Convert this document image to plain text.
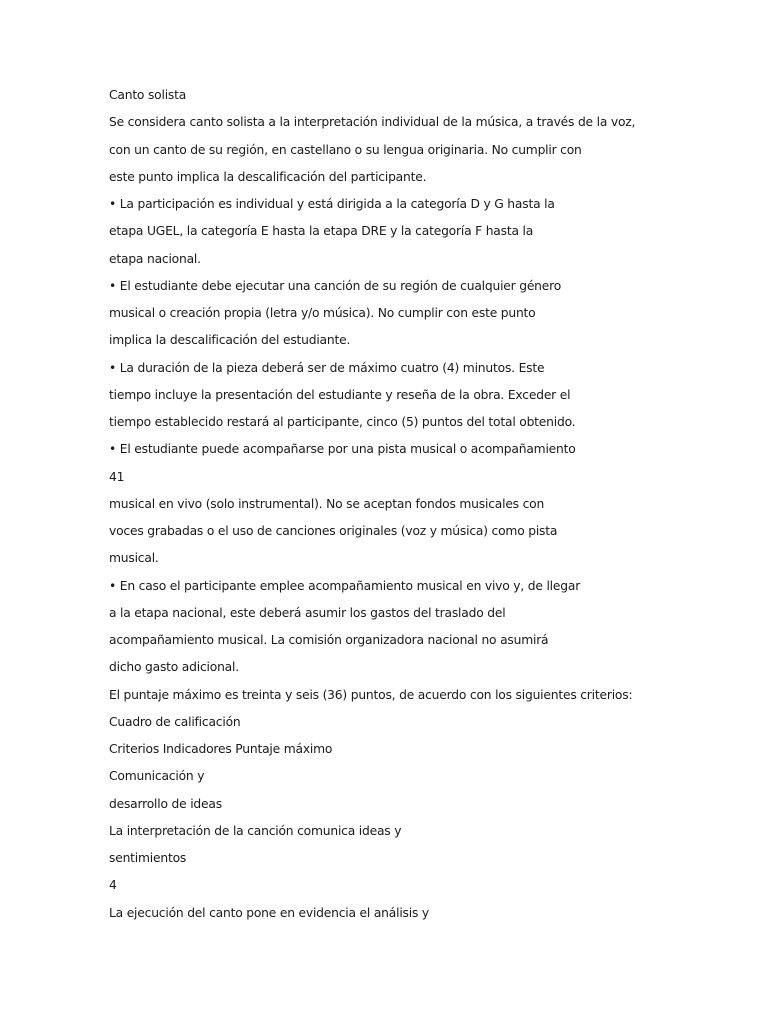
Canto solista
Se considera canto solista a la interpretación individual de la música, a través de la voz,
con un canto de su región, en castellano o su lengua originaria. No cumplir con
este punto implica la descalificación del participante.
• La participación es individual y está dirigida a la categoría D y G hasta la
etapa UGEL, la categoría E hasta la etapa DRE y la categoría F hasta la
etapa nacional.
• El estudiante debe ejecutar una canción de su región de cualquier género
musical o creación propia (letra y/o música). No cumplir con este punto
implica la descalificación del estudiante.
• La duración de la pieza deberá ser de máximo cuatro (4) minutos. Este
tiempo incluye la presentación del estudiante y reseña de la obra. Exceder el
tiempo establecido restará al participante, cinco (5) puntos del total obtenido.
• El estudiante puede acompañarse por una pista musical o acompañamiento
41
musical en vivo (solo instrumental). No se aceptan fondos musicales con
voces grabadas o el uso de canciones originales (voz y música) como pista
musical.
• En caso el participante emplee acompañamiento musical en vivo y, de llegar
a la etapa nacional, este deberá asumir los gastos del traslado del
acompañamiento musical. La comisión organizadora nacional no asumirá
dicho gasto adicional.
El puntaje máximo es treinta y seis (36) puntos, de acuerdo con los siguientes criterios:
Cuadro de calificación
Criterios Indicadores Puntaje máximo
Comunicación y
desarrollo de ideas
La interpretación de la canción comunica ideas y
sentimientos
4
La ejecución del canto pone en evidencia el análisis y
